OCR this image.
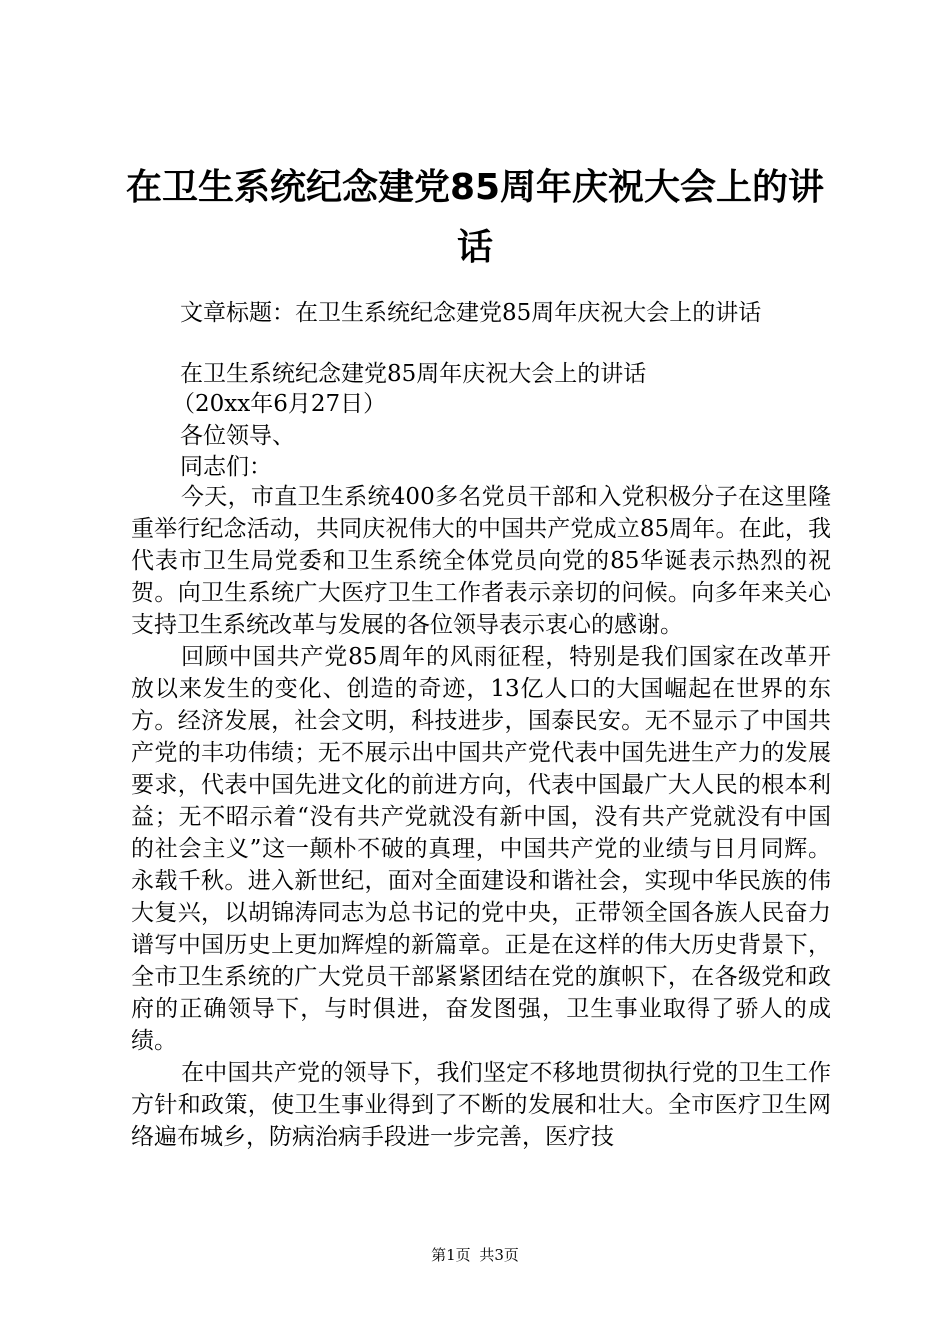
在卫生系统纪念建党85周年庆祝大会上的讲话
文章标题：在卫生系统纪念建党85周年庆祝大会上的讲话
在卫生系统纪念建党85周年庆祝大会上的讲话
（20xx年6月27日）
各位领导、
同志们：

今天，市直卫生系统400多名党员干部和入党积极分子在这里隆重举行纪念活动，共同庆祝伟大的中国共产党成立85周年。在此，我代表市卫生局党委和卫生系统全体党员向党的85华诞表示热烈的祝贺。向卫生系统广大医疗卫生工作者表示亲切的问候。向多年来关心支持卫生系统改革与发展的各位领导表示衷心的感谢。

回顾中国共产党85周年的风雨征程，特别是我们国家在改革开放以来发生的变化、创造的奇迹，13亿人口的大国崛起在世界的东方。经济发展，社会文明，科技进步，国泰民安。无不显示了中国共产党的丰功伟绩；无不展示出中国共产党代表中国先进生产力的发展要求，代表中国先进文化的前进方向，代表中国最广大人民的根本利益；无不昭示着“没有共产党就没有新中国，没有共产党就没有中国的社会主义”这一颠朴不破的真理，中国共产党的业绩与日月同辉。永载千秋。进入新世纪，面对全面建设和谐社会，实现中华民族的伟大复兴，以胡锦涛同志为总书记的党中央，正带领全国各族人民奋力谱写中国历史上更加辉煌的新篇章。正是在这样的伟大历史背景下，全市卫生系统的广大党员干部紧紧团结在党的旗帜下，在各级党和政府的正确领导下，与时俱进，奋发图强，卫生事业取得了骄人的成绩。

在中国共产党的领导下，我们坚定不移地贯彻执行党的卫生工作方针和政策，使卫生事业得到了不断的发展和壮大。全市医疗卫生网络遍布城乡，防病治病手段进一步完善，医疗技

第1页 共3页
